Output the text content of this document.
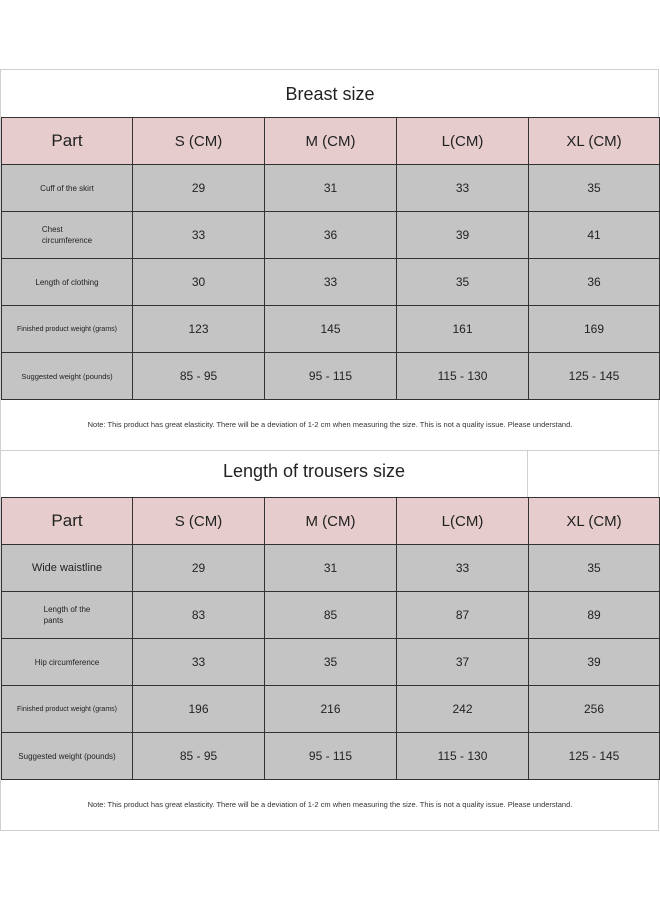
Breast size
Part	S (CM)	M (CM)	L(CM)	XL (CM)
Cuff of the skirt	29	31	33	35
Chest
circumference	33	36	39	41
Length of clothing	30	33	35	36
Finished product weight (grams)	123	145	161	169
Suggested weight (pounds)	85 - 95	95 - 115	115 - 130	125 - 145
Note: This product has great elasticity. There will be a deviation of 1-2 cm when measuring the size. This is not a quality issue. Please understand.
Length of trousers size
Part	S (CM)	M (CM)	L(CM)	XL (CM)
Wide waistline	29	31	33	35
Length of the
pants	83	85	87	89
Hip circumference	33	35	37	39
Finished product weight (grams)	196	216	242	256
Suggested weight (pounds)	85 - 95	95 - 115	115 - 130	125 - 145
Note: This product has great elasticity. There will be a deviation of 1-2 cm when measuring the size. This is not a quality issue. Please understand.
